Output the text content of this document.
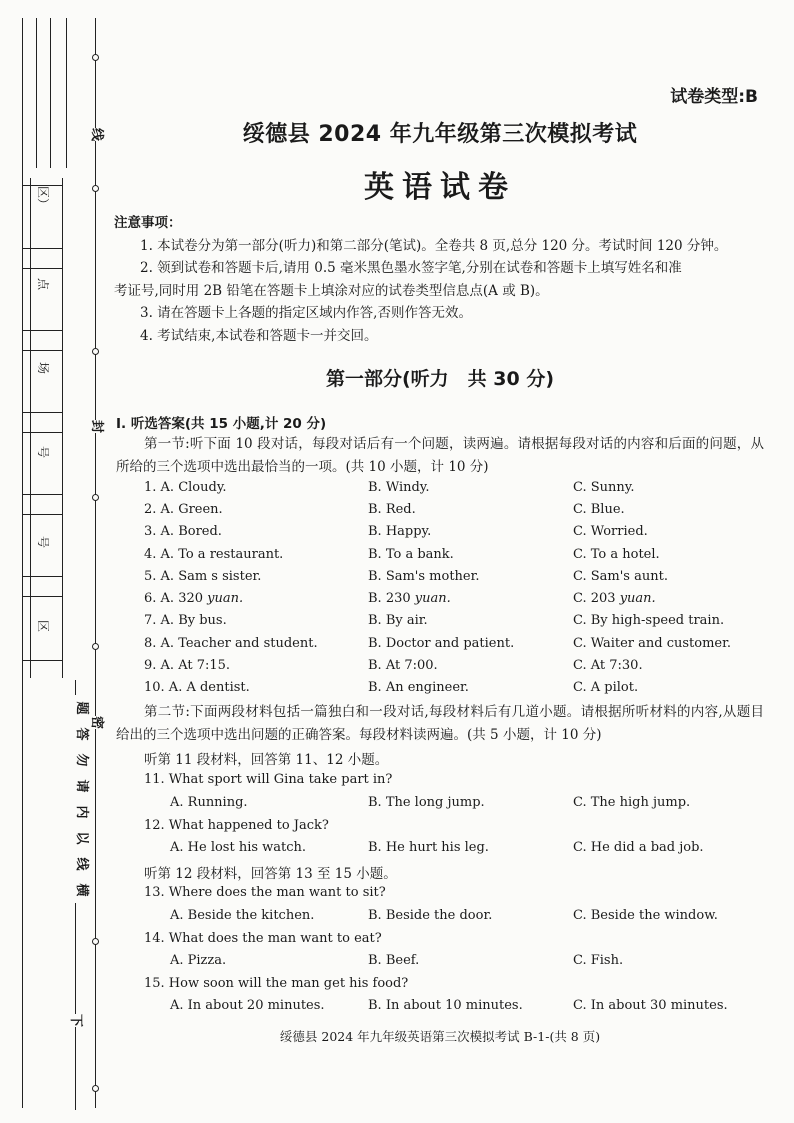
区）
点
场
号
号
区
线
封
密
题
答
勿
请
内
以
线
横
下
试卷类型:B
绥德县 2024 年九年级第三次模拟考试
英语试卷
注意事项：
1. 本试卷分为第一部分(听力)和第二部分(笔试)。全卷共 8 页,总分 120 分。考试时间 120 分钟。
2. 领到试卷和答题卡后,请用 0.5 毫米黑色墨水签字笔,分别在试卷和答题卡上填写姓名和准
考证号,同时用 2B 铅笔在答题卡上填涂对应的试卷类型信息点(A 或 B)。
3. 请在答题卡上各题的指定区域内作答,否则作答无效。
4. 考试结束,本试卷和答题卡一并交回。
第一部分(听力　共 30 分)
Ⅰ. 听选答案(共 15 小题,计 20 分)
第一节:听下面 10 段对话，每段对话后有一个问题，读两遍。请根据每段对话的内容和后面的问题，从所给的三个选项中选出最恰当的一项。(共 10 小题，计 10 分)
1. A. Cloudy.	B. Windy.	C. Sunny.
2. A. Green.	B. Red.	C. Blue.
3. A. Bored.	B. Happy.	C. Worried.
4. A. To a restaurant.	B. To a bank.	C. To a hotel.
5. A. Sam s sister.	B. Sam's mother.	C. Sam's aunt.
6. A. 320 yuan.	B. 230 yuan.	C. 203 yuan.
7. A. By bus.	B. By air.	C. By high-speed train.
8. A. Teacher and student.	B. Doctor and patient.	C. Waiter and customer.
9. A. At 7:15.	B. At 7:00.	C. At 7:30.
10. A. A dentist.	B. An engineer.	C. A pilot.
第二节:下面两段材料包括一篇独白和一段对话,每段材料后有几道小题。请根据所听材料的内容,从题目给出的三个选项中选出问题的正确答案。每段材料读两遍。(共 5 小题，计 10 分)
听第 11 段材料，回答第 11、12 小题。
11. What sport will Gina take part in?
A. Running.	B. The long jump.	C. The high jump.
12. What happened to Jack?
A. He lost his watch.	B. He hurt his leg.	C. He did a bad job.
听第 12 段材料，回答第 13 至 15 小题。
13. Where does the man want to sit?
A. Beside the kitchen.	B. Beside the door.	C. Beside the window.
14. What does the man want to eat?
A. Pizza.	B. Beef.	C. Fish.
15. How soon will the man get his food?
A. In about 20 minutes.	B. In about 10 minutes.	C. In about 30 minutes.
绥德县 2024 年九年级英语第三次模拟考试 B-1-(共 8 页)
